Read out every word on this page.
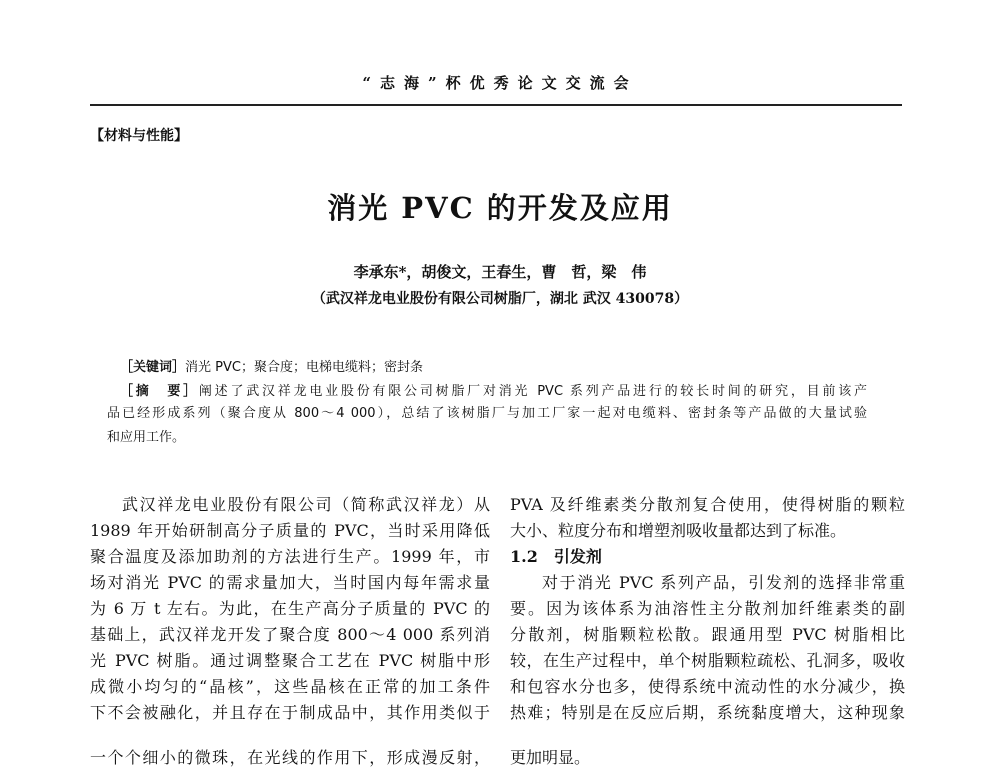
“志海”杯优秀论文交流会
【材料与性能】
消光 PVC 的开发及应用
李承东*，胡俊文，王春生，曹　哲，梁　伟
（武汉祥龙电业股份有限公司树脂厂，湖北 武汉 430078）
［关键词］消光 PVC；聚合度；电梯电缆料；密封条
［摘　要］阐述了武汉祥龙电业股份有限公司树脂厂对消光 PVC 系列产品进行的较长时间的研究，目前该产
品已经形成系列（聚合度从 800～4 000），总结了该树脂厂与加工厂家一起对电缆料、密封条等产品做的大量试验
和应用工作。
武汉祥龙电业股份有限公司（简称武汉祥龙）从
1989 年开始研制高分子质量的 PVC，当时采用降低
聚合温度及添加助剂的方法进行生产。1999 年，市
场对消光 PVC 的需求量加大，当时国内每年需求量
为 6 万 t 左右。为此，在生产高分子质量的 PVC 的
基础上，武汉祥龙开发了聚合度 800～4 000 系列消
光 PVC 树脂。通过调整聚合工艺在 PVC 树脂中形
成微小均匀的“晶核”，这些晶核在正常的加工条件
下不会被融化，并且存在于制成品中，其作用类似于
一个个细小的微珠，在光线的作用下，形成漫反射，
PVA 及纤维素类分散剂复合使用，使得树脂的颗粒
大小、粒度分布和增塑剂吸收量都达到了标准。
1.2　引发剂
对于消光 PVC 系列产品，引发剂的选择非常重
要。因为该体系为油溶性主分散剂加纤维素类的副
分散剂，树脂颗粒松散。跟通用型 PVC 树脂相比
较，在生产过程中，单个树脂颗粒疏松、孔洞多，吸收
和包容水分也多，使得系统中流动性的水分减少，换
热难；特别是在反应后期，系统黏度增大，这种现象
更加明显。
